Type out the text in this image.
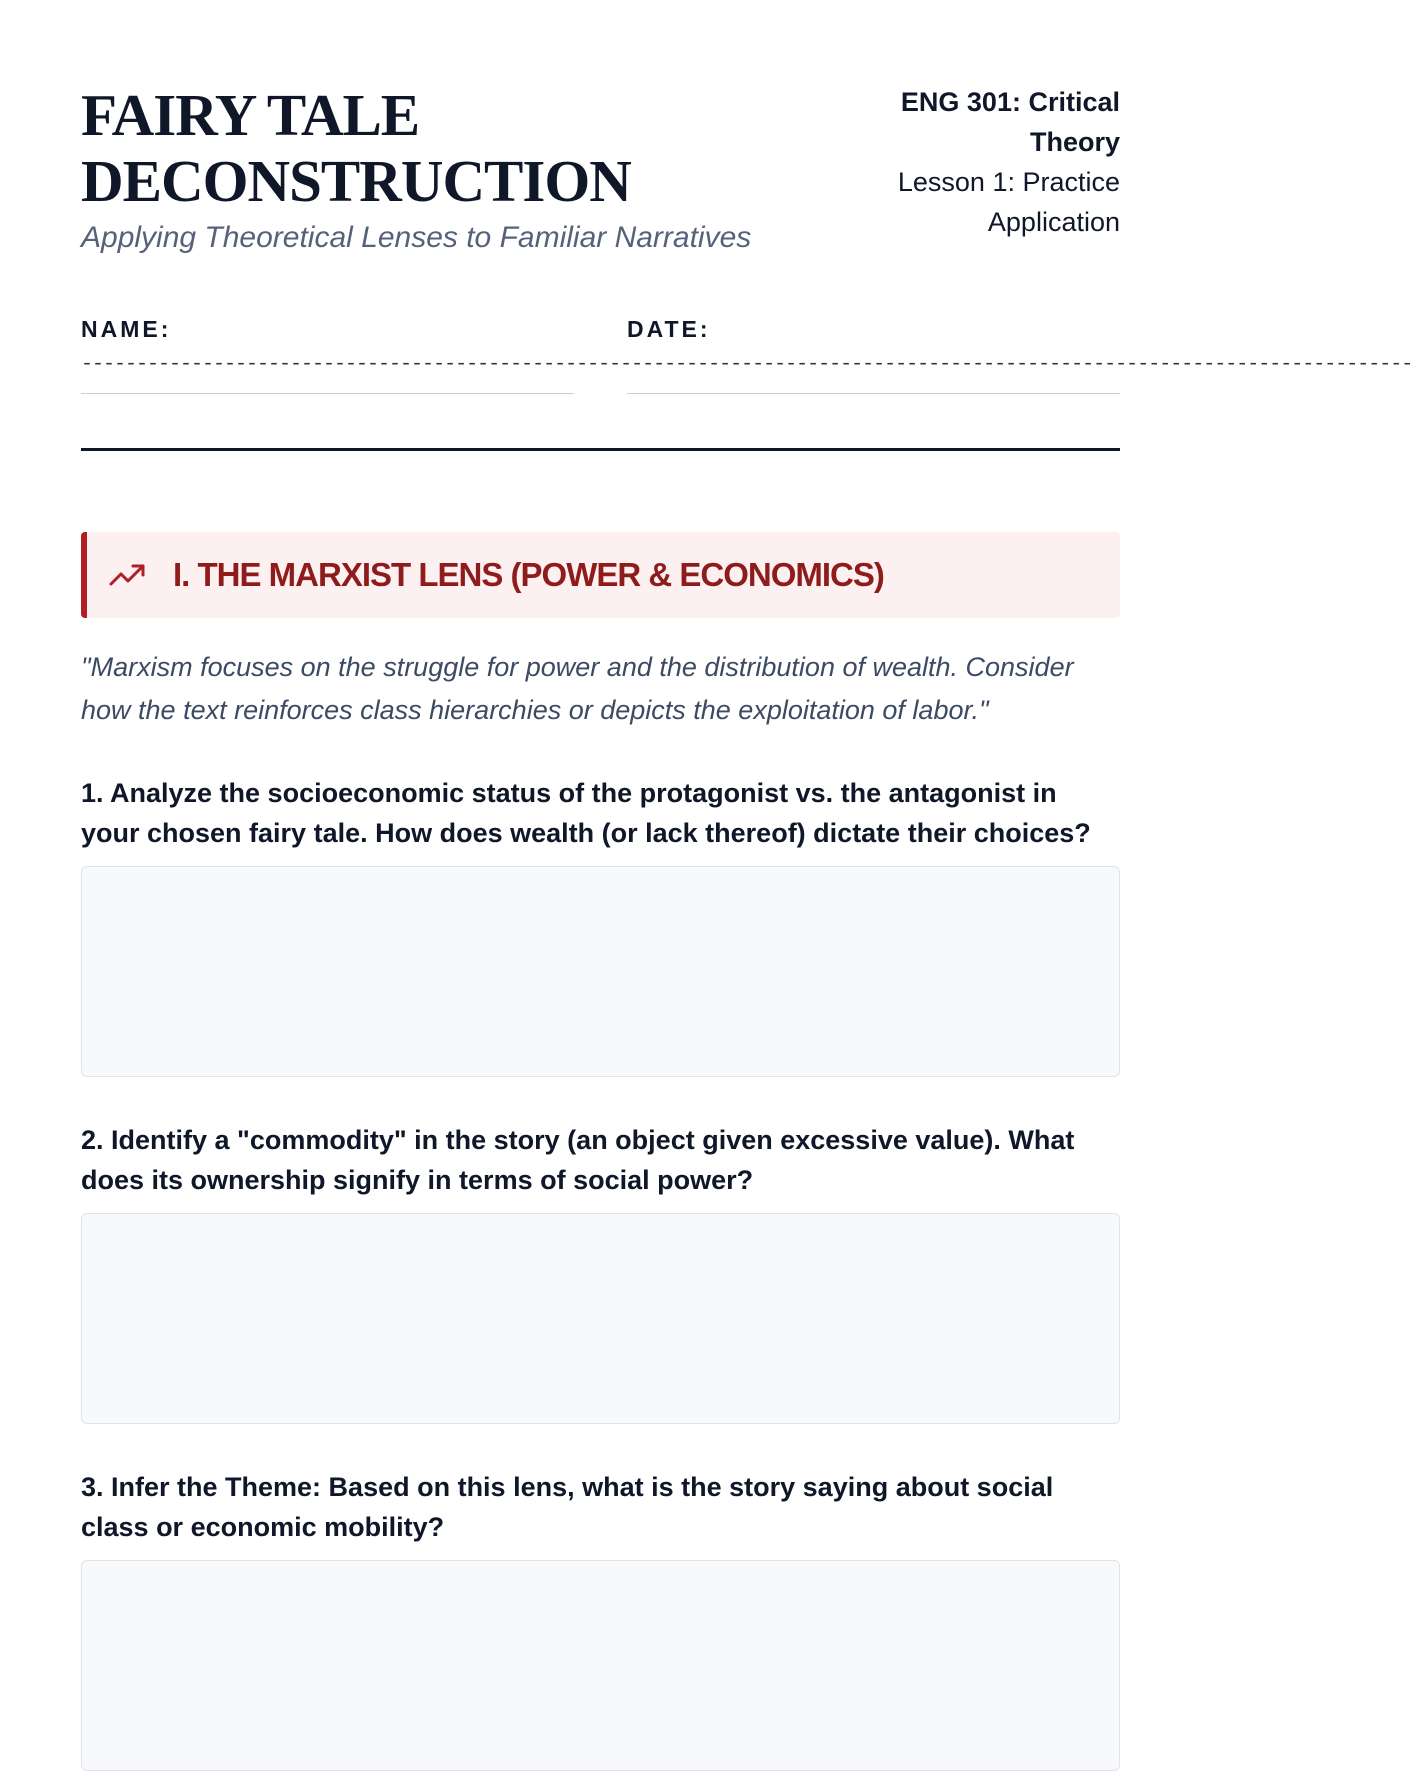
FAIRY TALE
DECONSTRUCTION

Applying Theoretical Lenses to Familiar Narratives

ENG 301: Critical Theory
Lesson 1: Practice Application

NAME:	DATE:

-------------------------------------------------------------------------------------------------------------------------
I. THE MARXIST LENS (POWER & ECONOMICS)

"Marxism focuses on the struggle for power and the distribution of wealth. Consider how the text reinforces class hierarchies or depicts the exploitation of labor."

1. Analyze the socioeconomic status of the protagonist vs. the antagonist in your chosen fairy tale. How does wealth (or lack thereof) dictate their choices?

2. Identify a "commodity" in the story (an object given excessive value). What does its ownership signify in terms of social power?

3. Infer the Theme: Based on this lens, what is the story saying about social class or economic mobility?
